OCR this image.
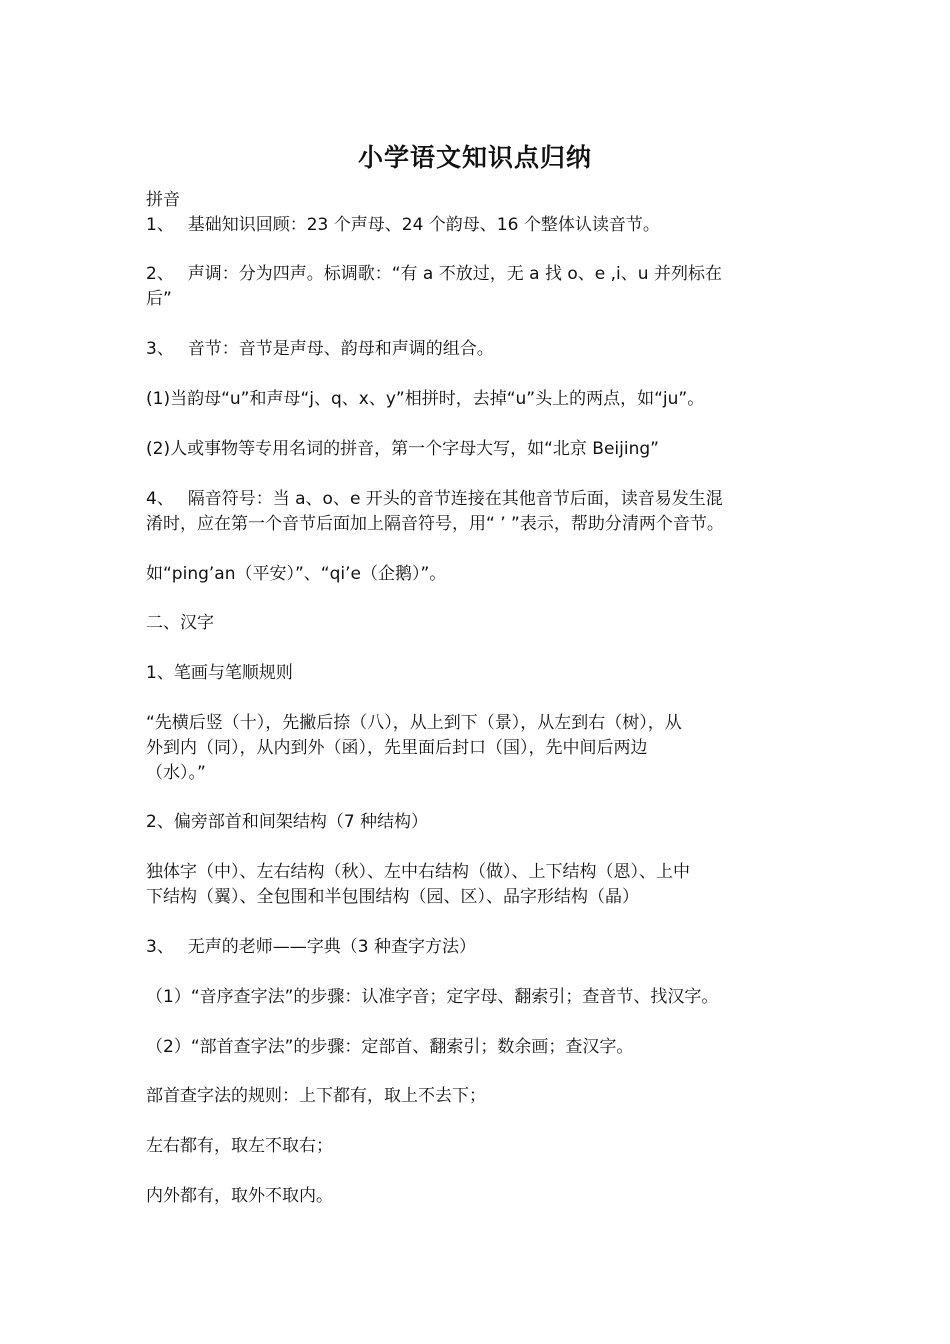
小学语文知识点归纳
拼音
1、　 基础知识回顾：23 个声母、24 个韵母、16 个整体认读音节。
2、　 声调：分为四声。标调歌：“有 a 不放过，无 a 找 o、e ,i、u 并列标在
后”
3、　 音节：音节是声母、韵母和声调的组合。
(1)当韵母“u”和声母“j、q、x、y”相拼时，去掉“u”头上的两点，如“ju”。
(2)人或事物等专用名词的拼音，第一个字母大写，如“北京 Beijing”
4、　 隔音符号：当 a、o、e 开头的音节连接在其他音节后面，读音易发生混
淆时，应在第一个音节后面加上隔音符号，用“ ’ ”表示，帮助分清两个音节。
如“ping’an（平安）”、“qi’e（企鹅）”。
二、汉字
1、笔画与笔顺规则
“先横后竖（十），先撇后捺（八），从上到下（景），从左到右（树），从
外到内（同），从内到外（函），先里面后封口（国），先中间后两边
（水）。”
2、偏旁部首和间架结构（7 种结构）
独体字（中）、左右结构（秋）、左中右结构（做）、上下结构（恩）、上中
下结构（翼）、全包围和半包围结构（园、区）、品字形结构（晶）
3、　 无声的老师——字典（3 种查字方法）
（1）“音序查字法”的步骤：认准字音；定字母、翻索引；查音节、找汉字。
（2）“部首查字法”的步骤：定部首、翻索引；数余画；查汉字。
部首查字法的规则：上下都有，取上不去下；
左右都有，取左不取右；
内外都有，取外不取内。
